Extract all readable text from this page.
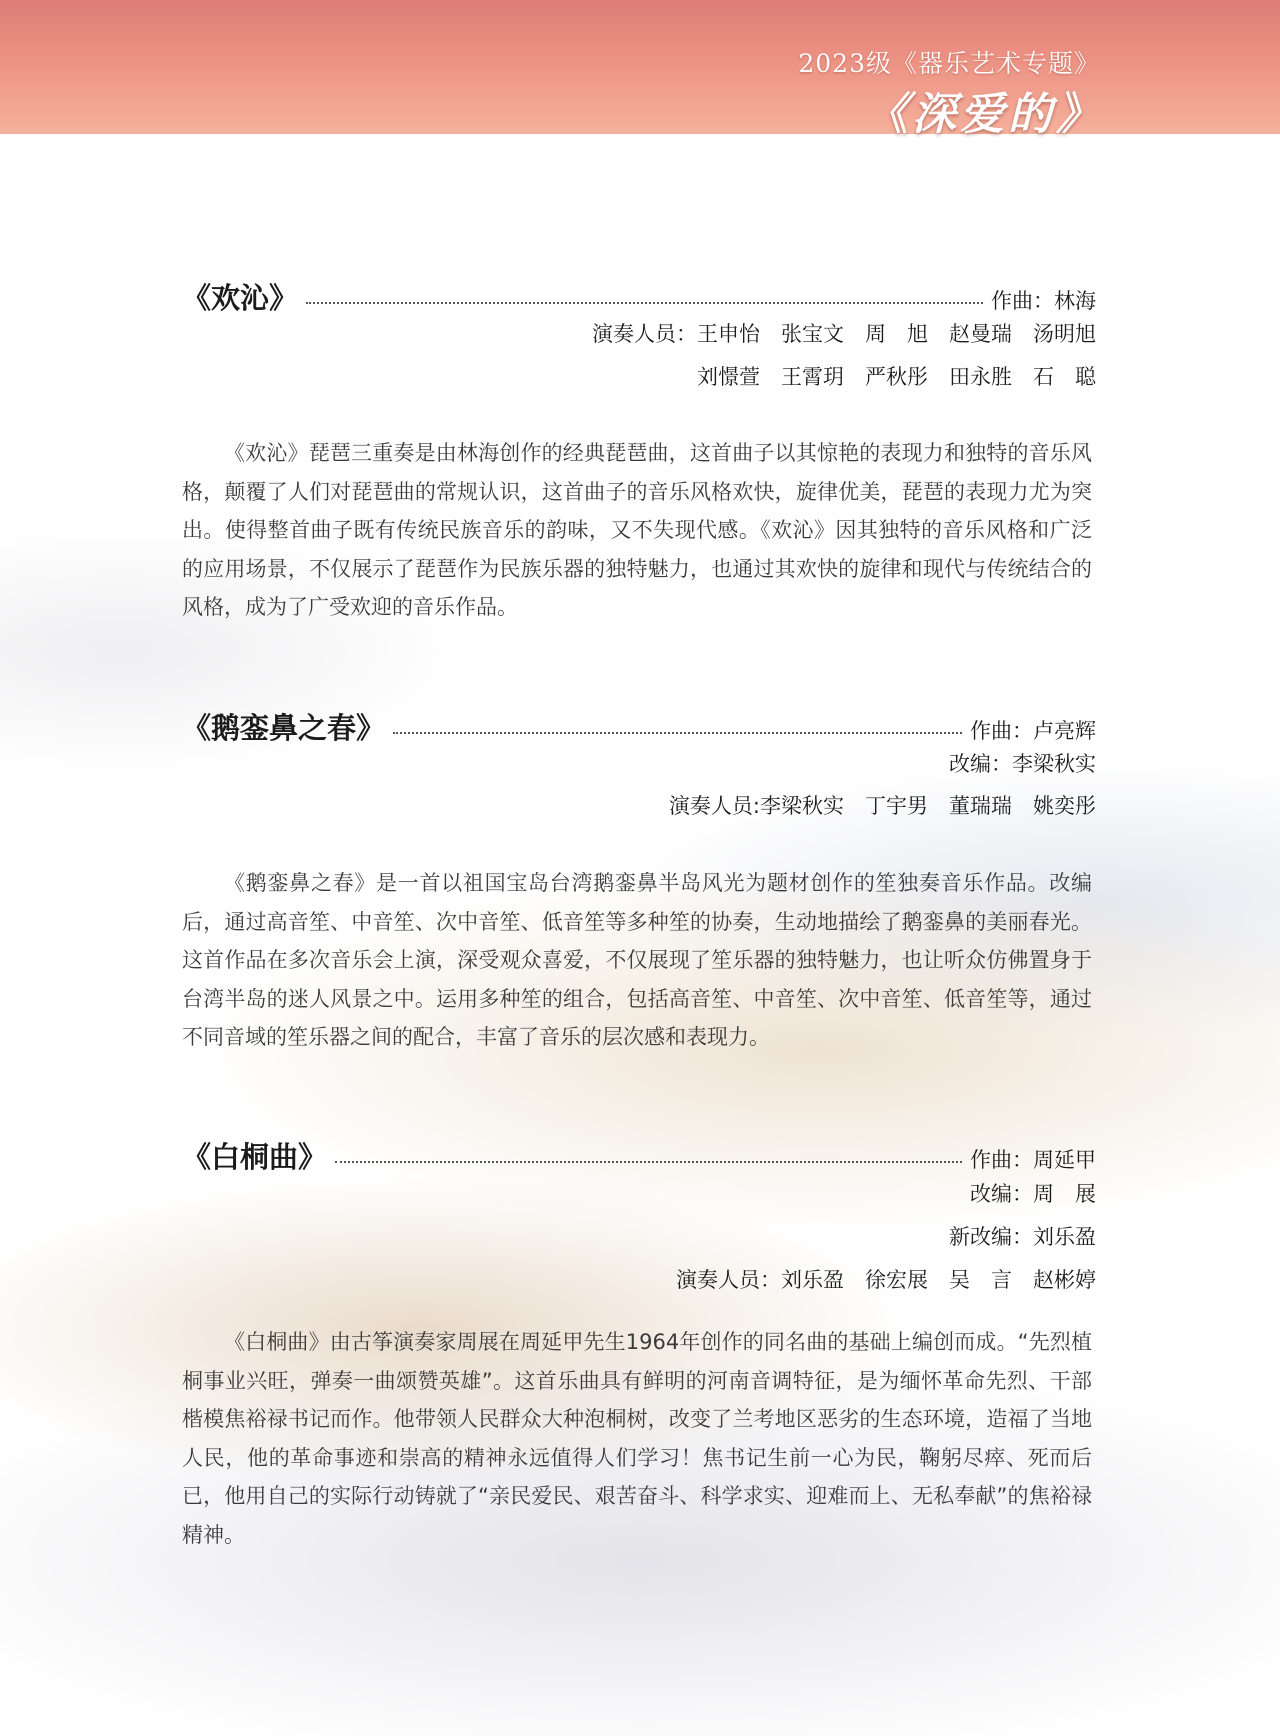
2023级《器乐艺术专题》
《深爱的》
《欢沁》	作曲：林海
演奏人员：王申怡　张宝文　周　旭　赵曼瑞　汤明旭
刘憬萱　王霄玥　严秋彤　田永胜　石　聪

《欢沁》琵琶三重奏是由林海创作的经典琵琶曲，这首曲子以其惊艳的表现力和独特的音乐风格，颠覆了人们对琵琶曲的常规认识，这首曲子的音乐风格欢快，旋律优美，琵琶的表现力尤为突出。使得整首曲子既有传统民族音乐的韵味，又不失现代感。《欢沁》因其独特的音乐风格和广泛的应用场景，不仅展示了琵琶作为民族乐器的独特魅力，也通过其欢快的旋律和现代与传统结合的风格，成为了广受欢迎的音乐作品。

《鹅銮鼻之春》	作曲：卢亮辉
改编：李梁秋实
演奏人员:李梁秋实　丁宇男　董瑞瑞　姚奕彤

《鹅銮鼻之春》是一首以祖国宝岛台湾鹅銮鼻半岛风光为题材创作的笙独奏音乐作品。改编后，通过高音笙、中音笙、次中音笙、低音笙等多种笙的协奏，生动地描绘了鹅銮鼻的美丽春光。这首作品在多次音乐会上演，深受观众喜爱，不仅展现了笙乐器的独特魅力，也让听众仿佛置身于台湾半岛的迷人风景之中。运用多种笙的组合，包括高音笙、中音笙、次中音笙、低音笙等，通过不同音域的笙乐器之间的配合，丰富了音乐的层次感和表现力。

《白桐曲》	作曲：周延甲
改编：周　展
新改编：刘乐盈
演奏人员：刘乐盈　徐宏展　吴　言　赵彬婷

《白桐曲》由古筝演奏家周展在周延甲先生1964年创作的同名曲的基础上编创而成。“先烈植桐事业兴旺，弹奏一曲颂赞英雄”。这首乐曲具有鲜明的河南音调特征，是为缅怀革命先烈、干部楷模焦裕禄书记而作。他带领人民群众大种泡桐树，改变了兰考地区恶劣的生态环境，造福了当地人民，他的革命事迹和崇高的精神永远值得人们学习！焦书记生前一心为民，鞠躬尽瘁、死而后已，他用自己的实际行动铸就了“亲民爱民、艰苦奋斗、科学求实、迎难而上、无私奉献”的焦裕禄精神。
